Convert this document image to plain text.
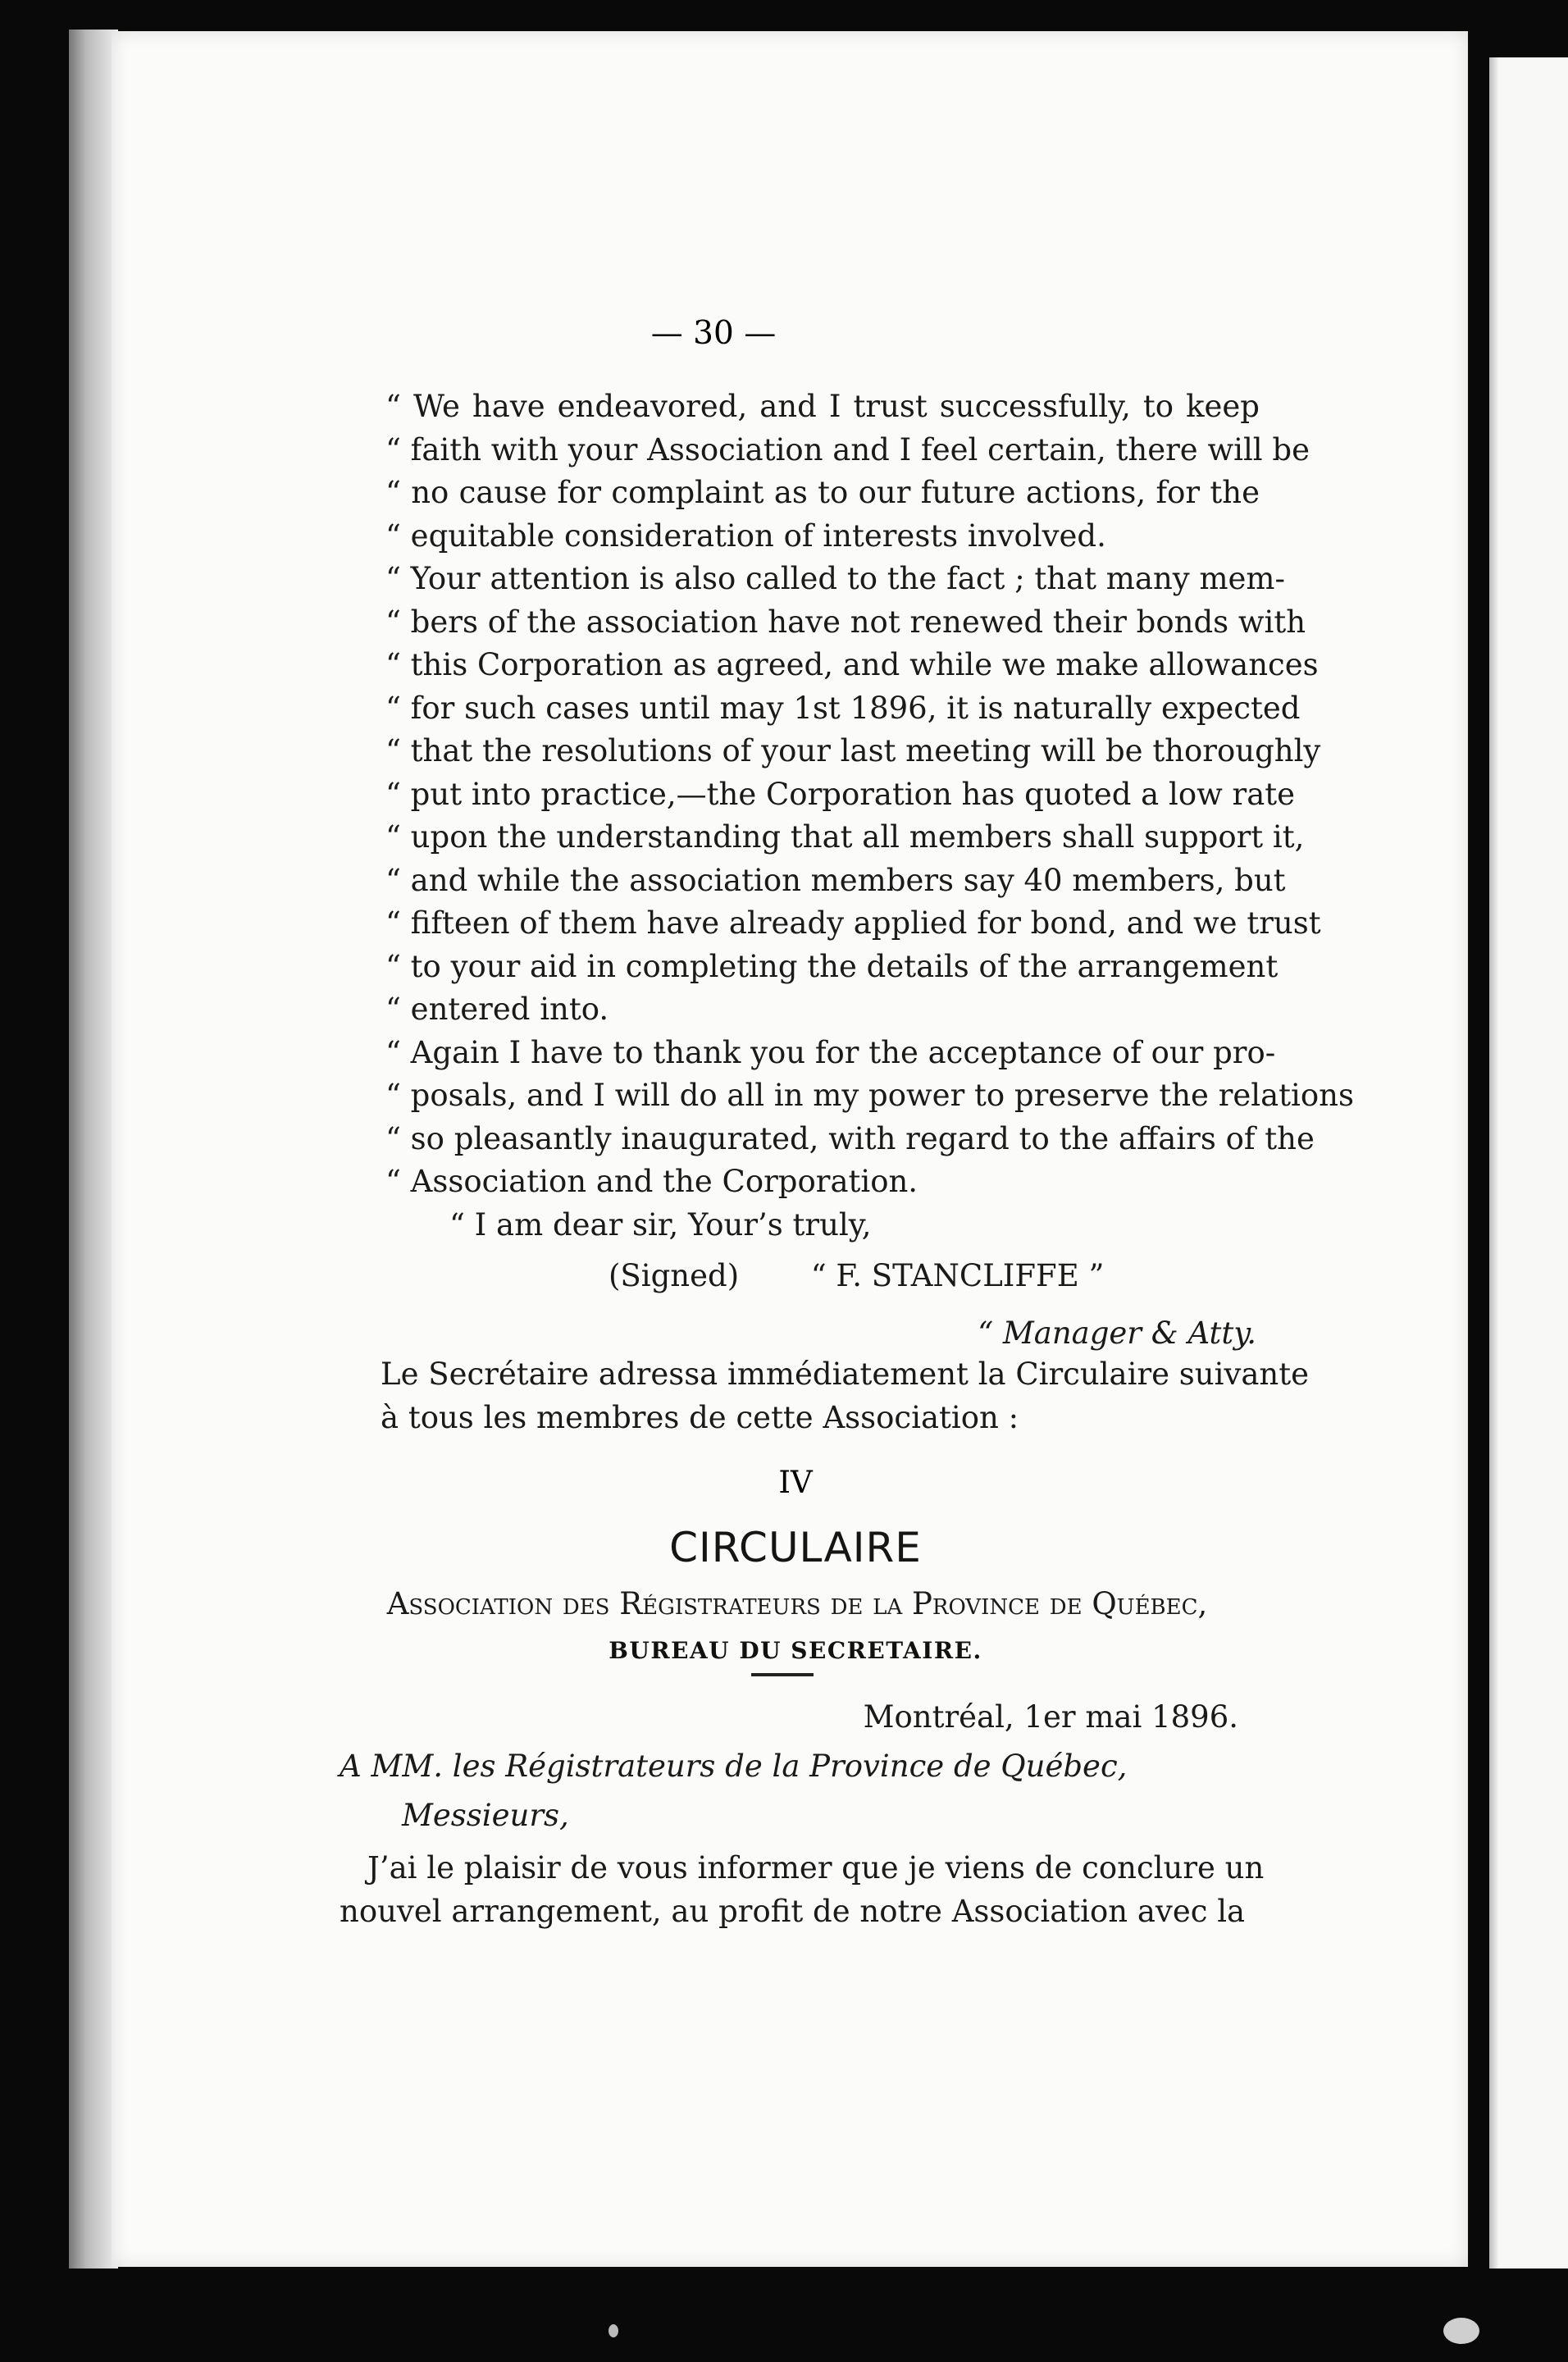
— 30 —
“ We have endeavored, and I trust successfully, to keep
“ faith with your Association and I feel certain, there will be
“ no cause for complaint as to our future actions, for the
“ equitable consideration of interests involved.
“ Your attention is also called to the fact ; that many mem-
“ bers of the association have not renewed their bonds with
“ this Corporation as agreed, and while we make allowances
“ for such cases until may 1st 1896, it is naturally expected
“ that the resolutions of your last meeting will be thoroughly
“ put into practice,—the Corporation has quoted a low rate
“ upon the understanding that all members shall support it,
“ and while the association members say 40 members, but
“ fifteen of them have already applied for bond, and we trust
“ to your aid in completing the details of the arrangement
“ entered into.
“ Again I have to thank you for the acceptance of our pro-
“ posals, and I will do all in my power to preserve the relations
“ so pleasantly inaugurated, with regard to the affairs of the
“ Association and the Corporation.
“ I am dear sir, Your’s truly,
(Signed) “ F. STANCLIFFE ”
“ Manager & Atty.
Le Secrétaire adressa immédiatement la Circulaire suivante
à tous les membres de cette Association :
IV
CIRCULAIRE
Association des Régistrateurs de la Province de Québec,
BUREAU DU SECRETAIRE.
Montréal, 1er mai 1896.
A MM. les Régistrateurs de la Province de Québec,
Messieurs,
J’ai le plaisir de vous informer que je viens de conclure un
nouvel arrangement, au profit de notre Association avec la
